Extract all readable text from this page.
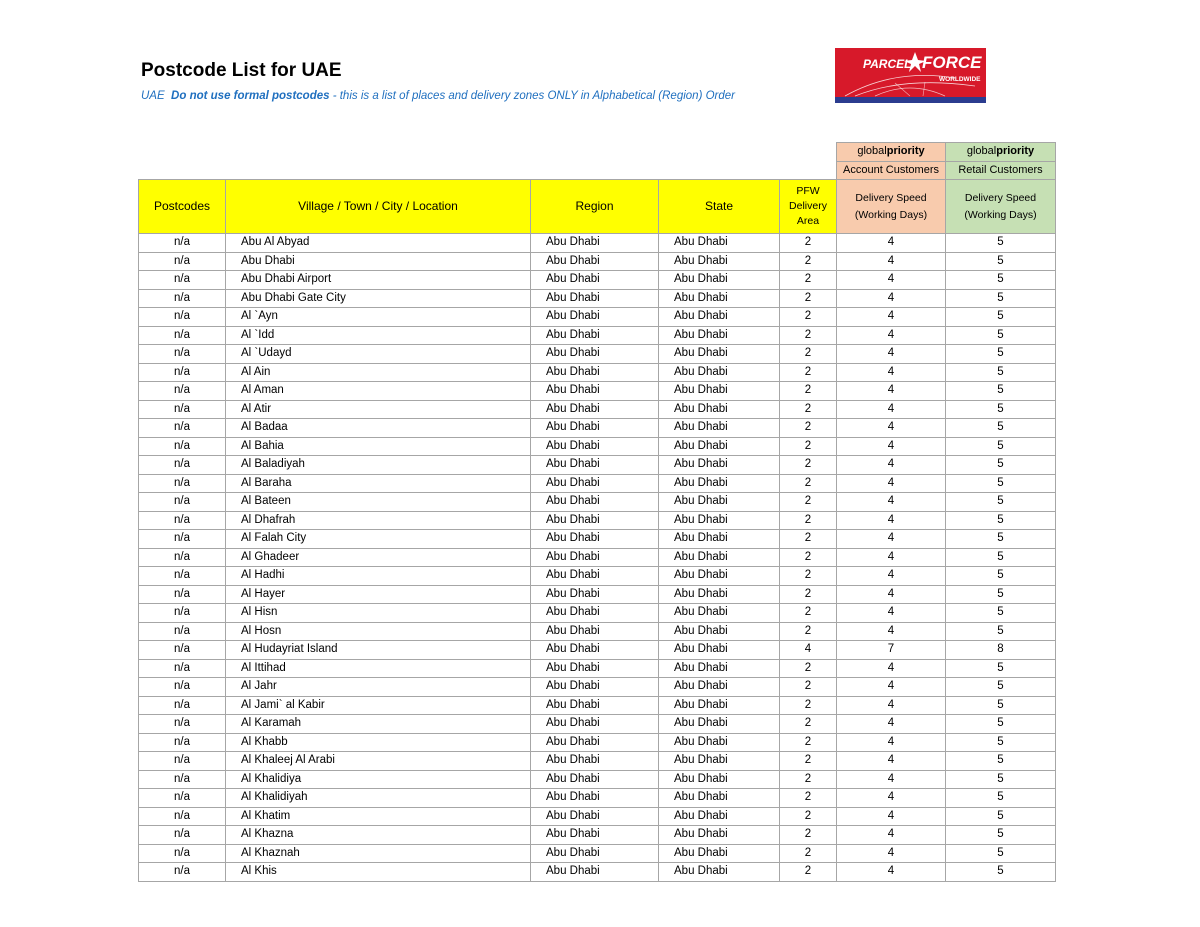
Postcode List for UAE
UAE Do not use formal postcodes - this is a list of places and delivery zones ONLY in Alphabetical (Region) Order
PARCEL FORCE
WORLDWIDE
					globalpriority	globalpriority
					Account Customers	Retail Customers
Postcodes	Village / Town / City / Location	Region	State	PFW Delivery Area	Delivery Speed (Working Days)	Delivery Speed (Working Days)
n/a	Abu Al Abyad	Abu Dhabi	Abu Dhabi	2	4	5
n/a	Abu Dhabi	Abu Dhabi	Abu Dhabi	2	4	5
n/a	Abu Dhabi Airport	Abu Dhabi	Abu Dhabi	2	4	5
n/a	Abu Dhabi Gate City	Abu Dhabi	Abu Dhabi	2	4	5
n/a	Al `Ayn	Abu Dhabi	Abu Dhabi	2	4	5
n/a	Al `Idd	Abu Dhabi	Abu Dhabi	2	4	5
n/a	Al `Udayd	Abu Dhabi	Abu Dhabi	2	4	5
n/a	Al Ain	Abu Dhabi	Abu Dhabi	2	4	5
n/a	Al Aman	Abu Dhabi	Abu Dhabi	2	4	5
n/a	Al Atir	Abu Dhabi	Abu Dhabi	2	4	5
n/a	Al Badaa	Abu Dhabi	Abu Dhabi	2	4	5
n/a	Al Bahia	Abu Dhabi	Abu Dhabi	2	4	5
n/a	Al Baladiyah	Abu Dhabi	Abu Dhabi	2	4	5
n/a	Al Baraha	Abu Dhabi	Abu Dhabi	2	4	5
n/a	Al Bateen	Abu Dhabi	Abu Dhabi	2	4	5
n/a	Al Dhafrah	Abu Dhabi	Abu Dhabi	2	4	5
n/a	Al Falah City	Abu Dhabi	Abu Dhabi	2	4	5
n/a	Al Ghadeer	Abu Dhabi	Abu Dhabi	2	4	5
n/a	Al Hadhi	Abu Dhabi	Abu Dhabi	2	4	5
n/a	Al Hayer	Abu Dhabi	Abu Dhabi	2	4	5
n/a	Al Hisn	Abu Dhabi	Abu Dhabi	2	4	5
n/a	Al Hosn	Abu Dhabi	Abu Dhabi	2	4	5
n/a	Al Hudayriat Island	Abu Dhabi	Abu Dhabi	4	7	8
n/a	Al Ittihad	Abu Dhabi	Abu Dhabi	2	4	5
n/a	Al Jahr	Abu Dhabi	Abu Dhabi	2	4	5
n/a	Al Jami` al Kabir	Abu Dhabi	Abu Dhabi	2	4	5
n/a	Al Karamah	Abu Dhabi	Abu Dhabi	2	4	5
n/a	Al Khabb	Abu Dhabi	Abu Dhabi	2	4	5
n/a	Al Khaleej Al Arabi	Abu Dhabi	Abu Dhabi	2	4	5
n/a	Al Khalidiya	Abu Dhabi	Abu Dhabi	2	4	5
n/a	Al Khalidiyah	Abu Dhabi	Abu Dhabi	2	4	5
n/a	Al Khatim	Abu Dhabi	Abu Dhabi	2	4	5
n/a	Al Khazna	Abu Dhabi	Abu Dhabi	2	4	5
n/a	Al Khaznah	Abu Dhabi	Abu Dhabi	2	4	5
n/a	Al Khis	Abu Dhabi	Abu Dhabi	2	4	5
